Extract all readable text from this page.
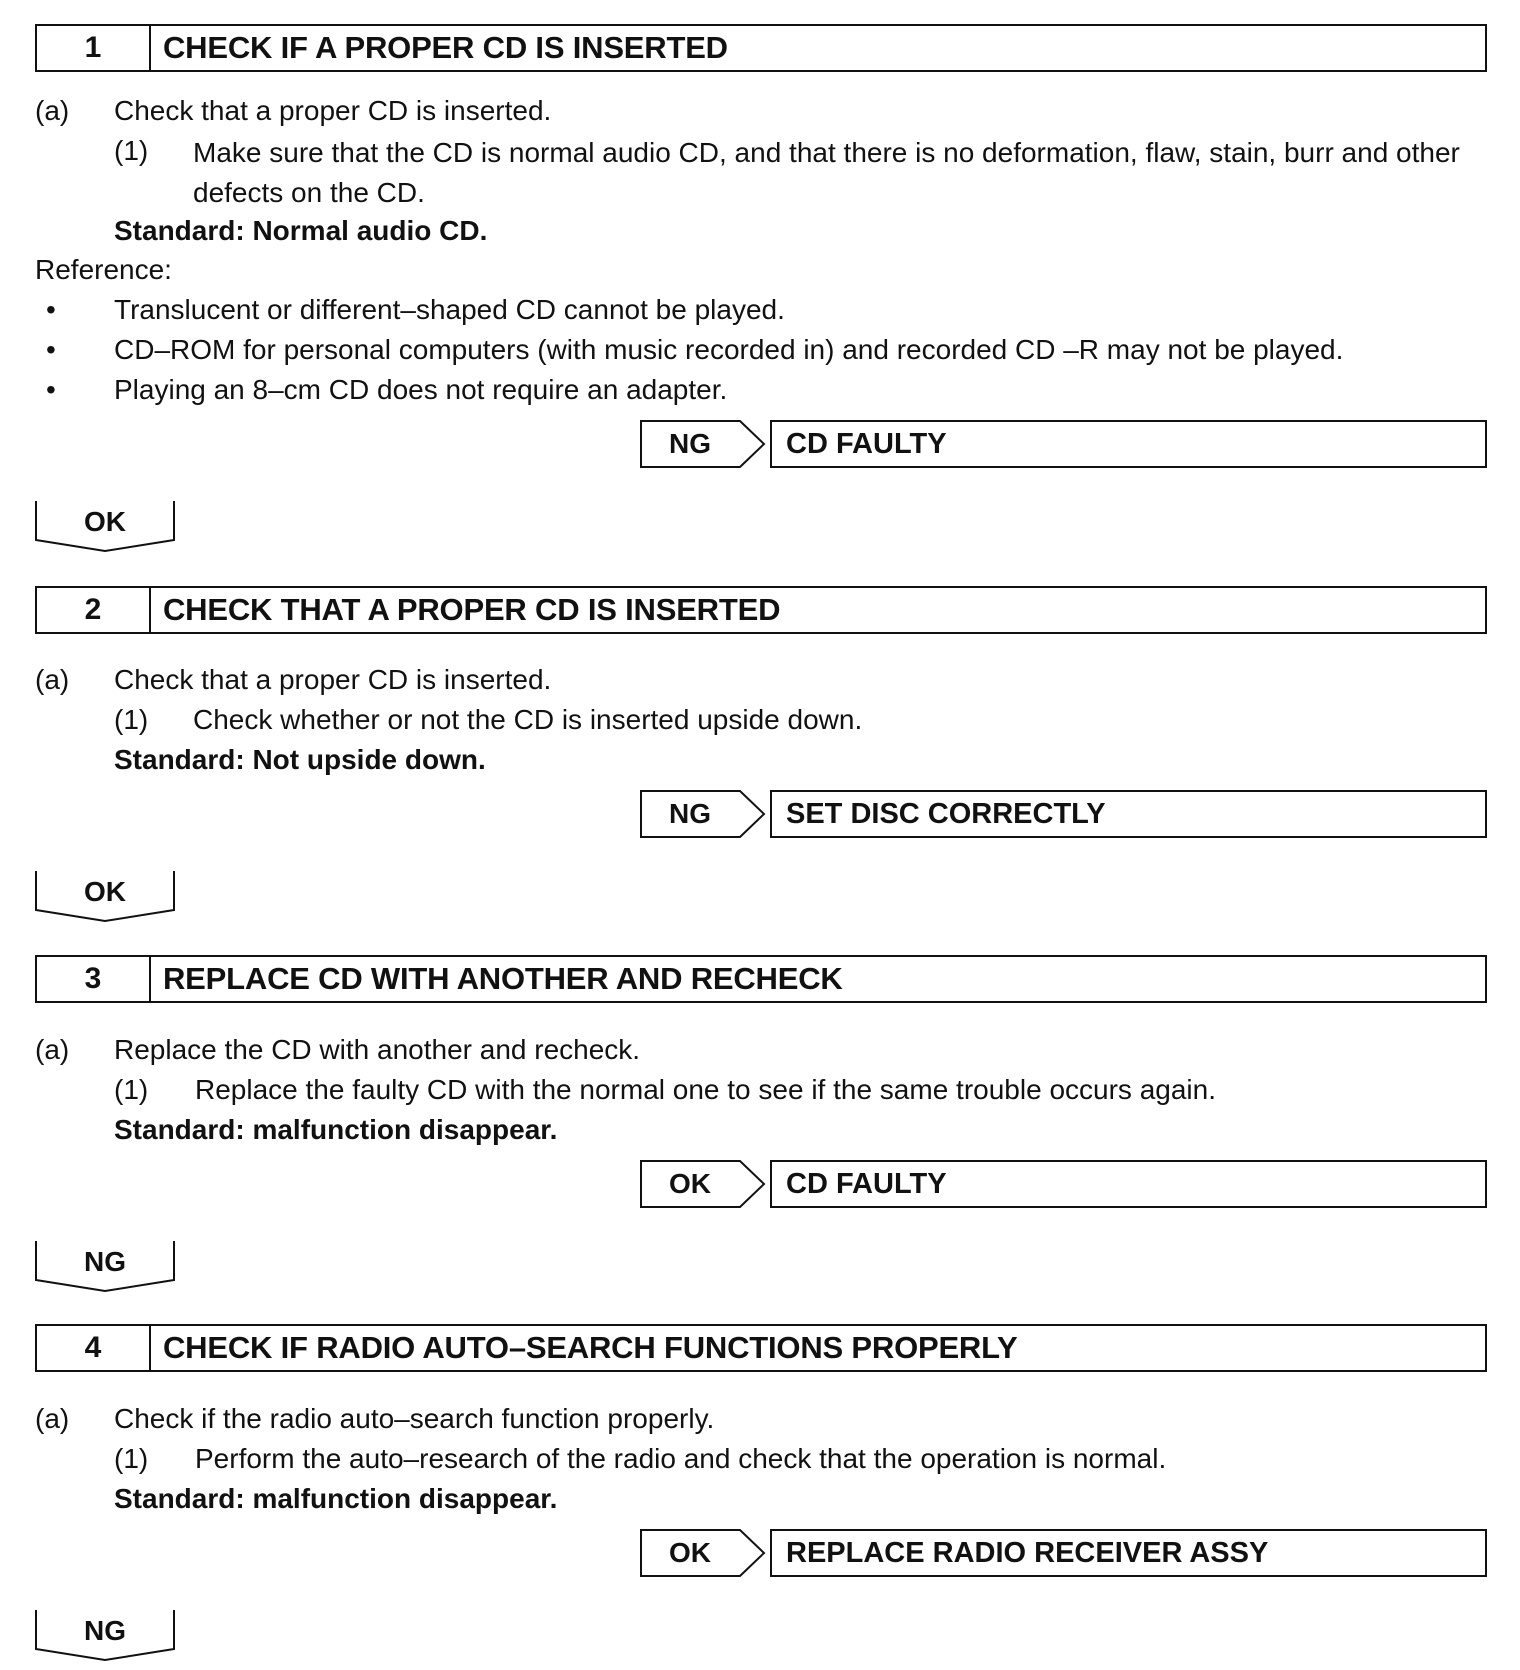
1	CHECK IF A PROPER CD IS INSERTED
(a) Check that a proper CD is inserted.
(1) Make sure that the CD is normal audio CD, and that there is no deformation, flaw, stain, burr and other defects on the CD.
Standard: Normal audio CD.
Reference:
• Translucent or different–shaped CD cannot be played.
• CD–ROM for personal computers (with music recorded in) and recorded CD –R may not be played.
• Playing an 8–cm CD does not require an adapter.
NG	CD FAULTY
OK
2	CHECK THAT A PROPER CD IS INSERTED
(a) Check that a proper CD is inserted.
(1) Check whether or not the CD is inserted upside down.
Standard: Not upside down.
NG	SET DISC CORRECTLY
OK
3	REPLACE CD WITH ANOTHER AND RECHECK
(a) Replace the CD with another and recheck.
(1) Replace the faulty CD with the normal one to see if the same trouble occurs again.
Standard: malfunction disappear.
OK	CD FAULTY
NG
4	CHECK IF RADIO AUTO–SEARCH FUNCTIONS PROPERLY
(a) Check if the radio auto–search function properly.
(1) Perform the auto–research of the radio and check that the operation is normal.
Standard: malfunction disappear.
OK	REPLACE RADIO RECEIVER ASSY
NG
